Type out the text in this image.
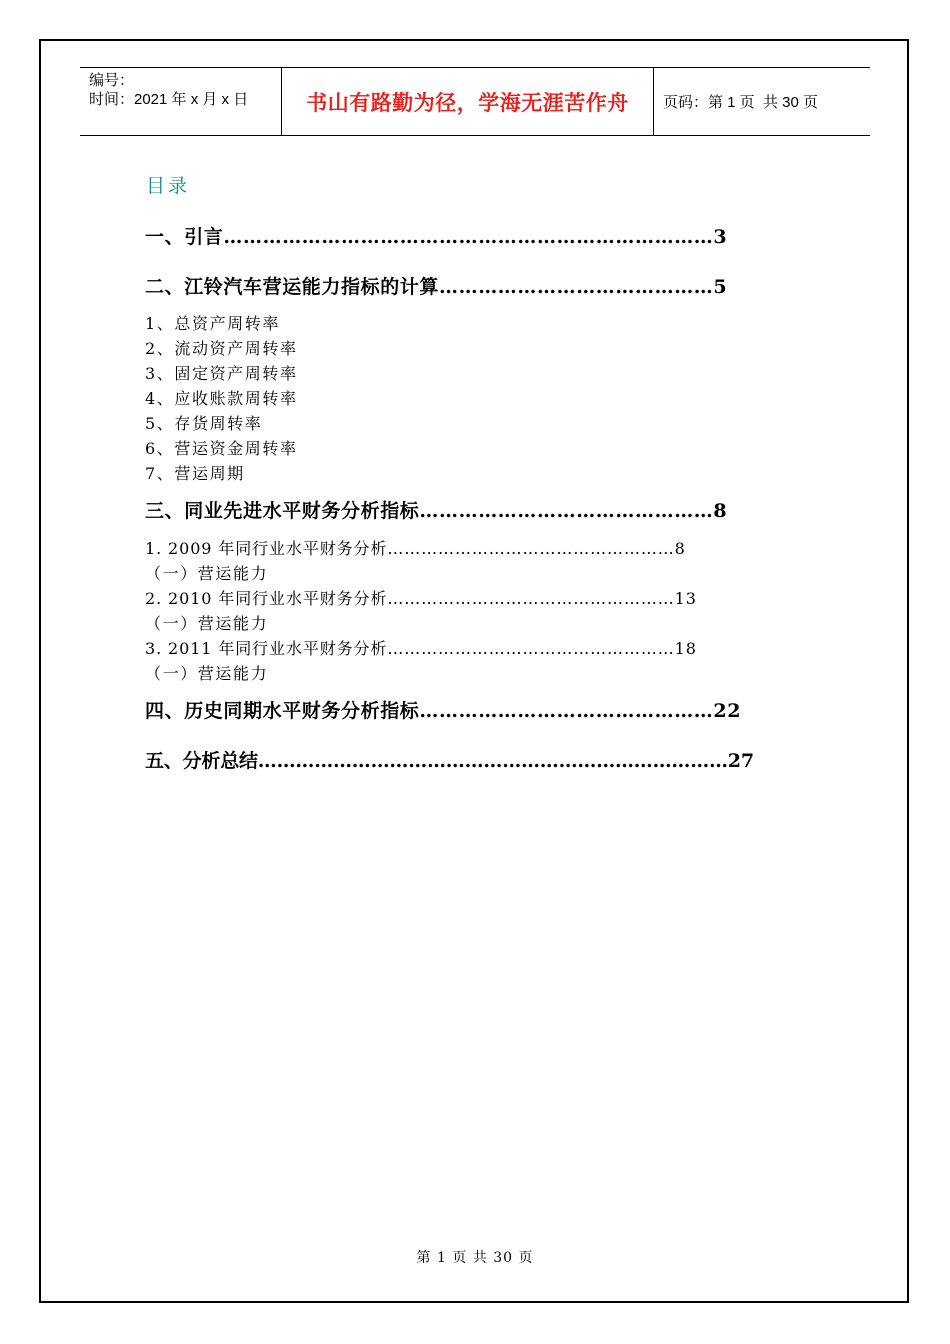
编号：
时间：2021 年 x 月 x 日	书山有路勤为径，学海无涯苦作舟	页码：第 1 页  共 30 页
目录
一、引言…………………………………………………………………3
二、江铃汽车营运能力指标的计算……………………………………5
1、总资产周转率
2、流动资产周转率
3、固定资产周转率
4、应收账款周转率
5、存货周转率
6、营运资金周转率
7、营运周期
三、同业先进水平财务分析指标………………………………………8
1. 2009 年同行业水平财务分析……………………………………………8
（一）营运能力
2. 2010 年同行业水平财务分析……………………………………………13
（一）营运能力
3. 2011 年同行业水平财务分析……………………………………………18
（一）营运能力
四、历史同期水平财务分析指标………………………………………22
五、分析总结…………………………………………………………………27
第 1 页 共 30 页
